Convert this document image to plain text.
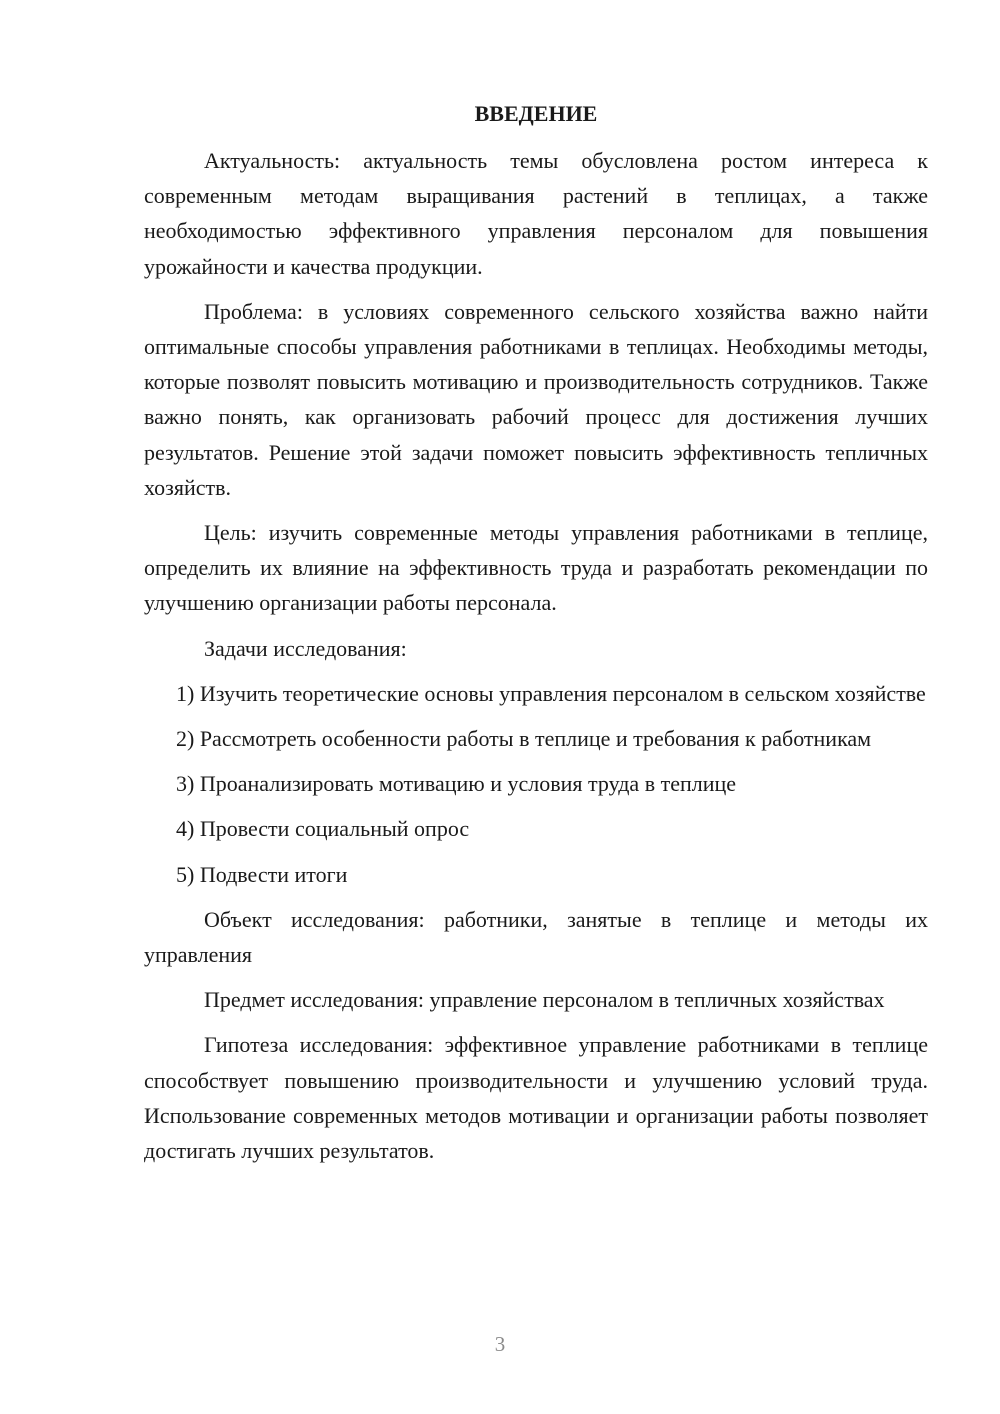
ВВЕДЕНИЕ

Актуальность: актуальность темы обусловлена ростом интереса к современным методам выращивания растений в теплицах, а также необходимостью эффективного управления персоналом для повышения урожайности и качества продукции.

Проблема: в условиях современного сельского хозяйства важно найти оптимальные способы управления работниками в теплицах. Необходимы методы, которые позволят повысить мотивацию и производительность сотрудников. Также важно понять, как организовать рабочий процесс для достижения лучших результатов. Решение этой задачи поможет повысить эффективность тепличных хозяйств.

Цель: изучить современные методы управления работниками в теплице, определить их влияние на эффективность труда и разработать рекомендации по улучшению организации работы персонала.

Задачи исследования:

1) Изучить теоретические основы управления персоналом в сельском хозяйстве

2) Рассмотреть особенности работы в теплице и требования к работникам

3) Проанализировать мотивацию и условия труда в теплице

4) Провести социальный опрос

5) Подвести итоги

Объект исследования: работники, занятые в теплице и методы их управления

Предмет исследования: управление персоналом в тепличных хозяйствах

Гипотеза исследования: эффективное управление работниками в теплице способствует повышению производительности и улучшению условий труда. Использование современных методов мотивации и организации работы позволяет достигать лучших результатов.

3
